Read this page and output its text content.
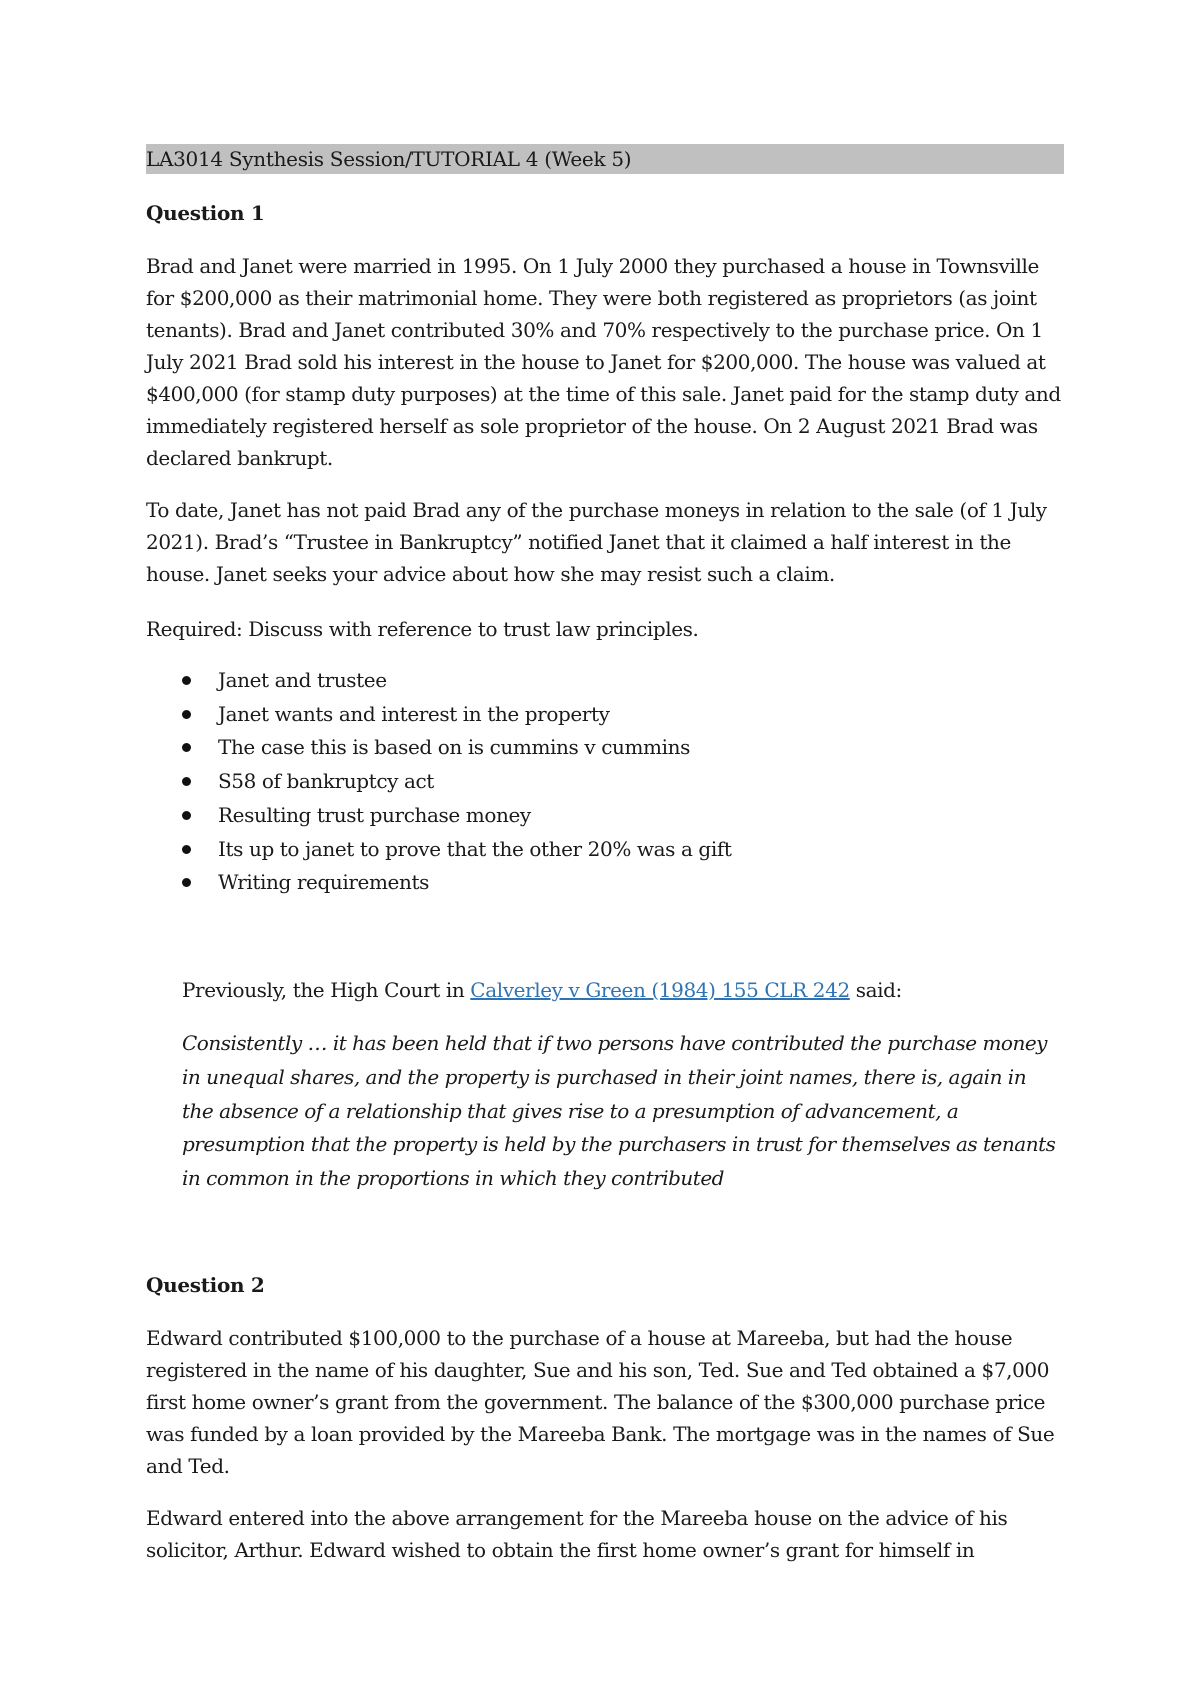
LA3014 Synthesis Session/TUTORIAL 4 (Week 5)

Question 1

Brad and Janet were married in 1995. On 1 July 2000 they purchased a house in Townsville for $200,000 as their matrimonial home. They were both registered as proprietors (as joint tenants). Brad and Janet contributed 30% and 70% respectively to the purchase price. On 1 July 2021 Brad sold his interest in the house to Janet for $200,000. The house was valued at $400,000 (for stamp duty purposes) at the time of this sale. Janet paid for the stamp duty and immediately registered herself as sole proprietor of the house. On 2 August 2021 Brad was declared bankrupt.

To date, Janet has not paid Brad any of the purchase moneys in relation to the sale (of 1 July 2021). Brad’s “Trustee in Bankruptcy” notified Janet that it claimed a half interest in the house. Janet seeks your advice about how she may resist such a claim.

Required: Discuss with reference to trust law principles.

Janet and trustee
Janet wants and interest in the property
The case this is based on is cummins v cummins
S58 of bankruptcy act
Resulting trust purchase money
Its up to janet to prove that the other 20% was a gift
Writing requirements
Previously, the High Court in Calverley v Green (1984) 155 CLR 242 said:

Consistently … it has been held that if two persons have contributed the purchase money in unequal shares, and the property is purchased in their joint names, there is, again in the absence of a relationship that gives rise to a presumption of advancement, a presumption that the property is held by the purchasers in trust for themselves as tenants in common in the proportions in which they contributed

Question 2

Edward contributed $100,000 to the purchase of a house at Mareeba, but had the house registered in the name of his daughter, Sue and his son, Ted. Sue and Ted obtained a $7,000 first home owner’s grant from the government. The balance of the $300,000 purchase price was funded by a loan provided by the Mareeba Bank. The mortgage was in the names of Sue and Ted.

Edward entered into the above arrangement for the Mareeba house on the advice of his solicitor, Arthur. Edward wished to obtain the first home owner’s grant for himself in
